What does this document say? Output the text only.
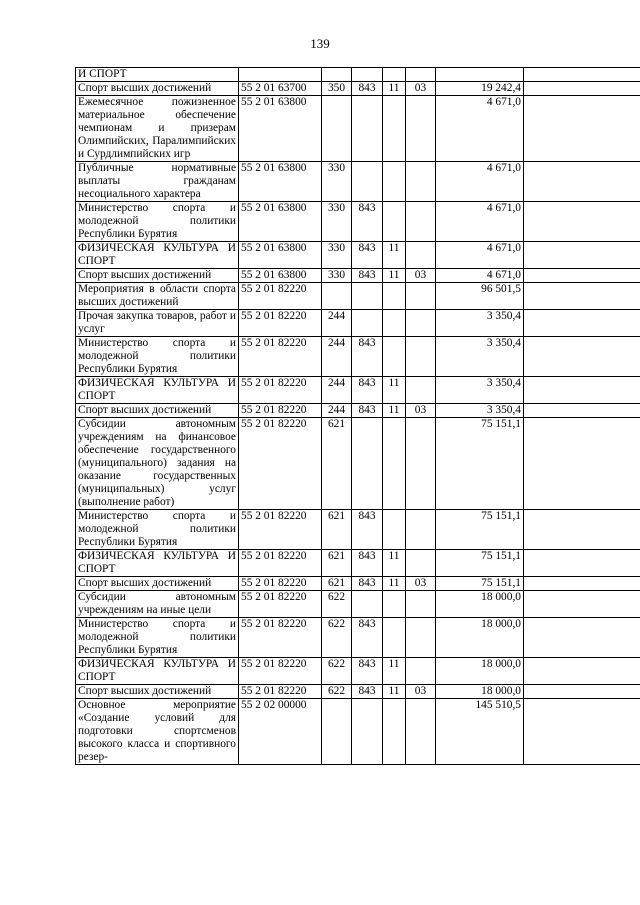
139
И СПОРТ							
Спорт высших достижений	55 2 01 63700	350	843	11	03	19 242,4	
Ежемесячное пожизненное материальное обеспечение чемпионам и призерам Олимпийских, Паралимпийских и Сурдлимпийских игр	55 2 01 63800					4 671,0	
Публичные нормативные выплаты гражданам несоциального характера	55 2 01 63800	330				4 671,0	
Министерство спорта и молодежной политики Республики Бурятия	55 2 01 63800	330	843			4 671,0	
ФИЗИЧЕСКАЯ КУЛЬТУРА И СПОРТ	55 2 01 63800	330	843	11		4 671,0	
Спорт высших достижений	55 2 01 63800	330	843	11	03	4 671,0	
Мероприятия в области спорта высших достижений	55 2 01 82220					96 501,5	
Прочая закупка товаров, работ и услуг	55 2 01 82220	244				3 350,4	
Министерство спорта и молодежной политики Республики Бурятия	55 2 01 82220	244	843			3 350,4	
ФИЗИЧЕСКАЯ КУЛЬТУРА И СПОРТ	55 2 01 82220	244	843	11		3 350,4	
Спорт высших достижений	55 2 01 82220	244	843	11	03	3 350,4	
Субсидии автономным учреждениям на финансовое обеспечение государственного (муниципального) задания на оказание государственных (муниципальных) услуг (выполнение работ)	55 2 01 82220	621				75 151,1	
Министерство спорта и молодежной политики Республики Бурятия	55 2 01 82220	621	843			75 151,1	
ФИЗИЧЕСКАЯ КУЛЬТУРА И СПОРТ	55 2 01 82220	621	843	11		75 151,1	
Спорт высших достижений	55 2 01 82220	621	843	11	03	75 151,1	
Субсидии автономным учреждениям на иные цели	55 2 01 82220	622				18 000,0	
Министерство спорта и молодежной политики Республики Бурятия	55 2 01 82220	622	843			18 000,0	
ФИЗИЧЕСКАЯ КУЛЬТУРА И СПОРТ	55 2 01 82220	622	843	11		18 000,0	
Спорт высших достижений	55 2 01 82220	622	843	11	03	18 000,0	
Основное мероприятие «Создание условий для подготовки спортсменов высокого класса и спортивного резер-	55 2 02 00000					145 510,5	
